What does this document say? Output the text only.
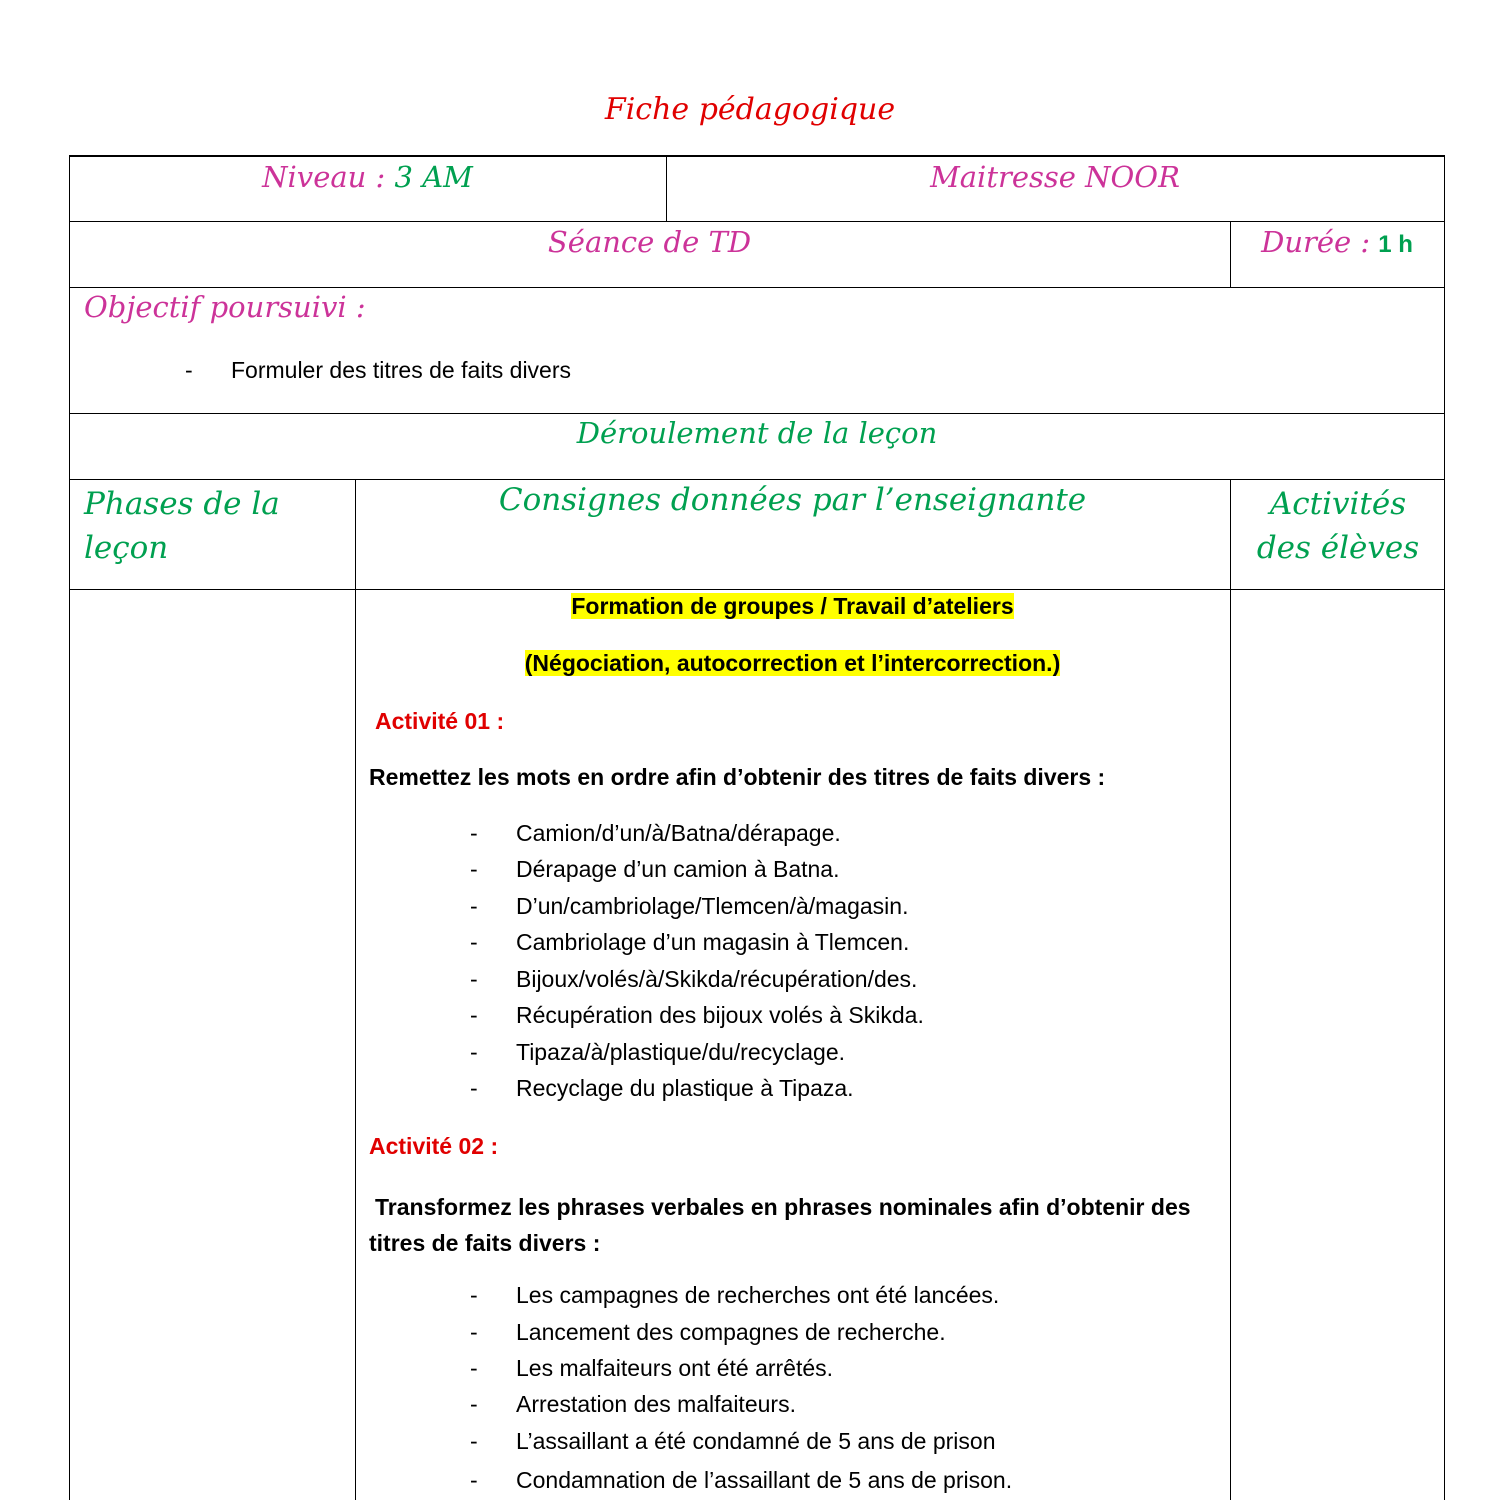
Fiche pédagogique
Niveau : 3 AM	Maitresse NOOR
Séance de TD	Durée : 1 h
Objectif poursuivi :
- Formuler des titres de faits divers
Déroulement de la leçon
Phases de la leçon
Consignes données par l’enseignante	Activités des élèves
Formation de groupes / Travail d’ateliers
(Négociation, autocorrection et l’intercorrection.)
Activité 01 :
Remettez les mots en ordre afin d’obtenir des titres de faits divers :
- Camion/d’un/à/Batna/dérapage.
- Dérapage d’un camion à Batna.
- D’un/cambriolage/Tlemcen/à/magasin.
- Cambriolage d’un magasin à Tlemcen.
- Bijoux/volés/à/Skikda/récupération/des.
- Récupération des bijoux volés à Skikda.
- Tipaza/à/plastique/du/recyclage.
- Recyclage du plastique à Tipaza.
Activité 02 :
Transformez les phrases verbales en phrases nominales afin d’obtenir des titres de faits divers :
- Les campagnes de recherches ont été lancées.
- Lancement des compagnes de recherche.
- Les malfaiteurs ont été arrêtés.
- Arrestation des malfaiteurs.
- L’assaillant a été condamné de 5 ans de prison
- Condamnation de l’assaillant de 5 ans de prison.
